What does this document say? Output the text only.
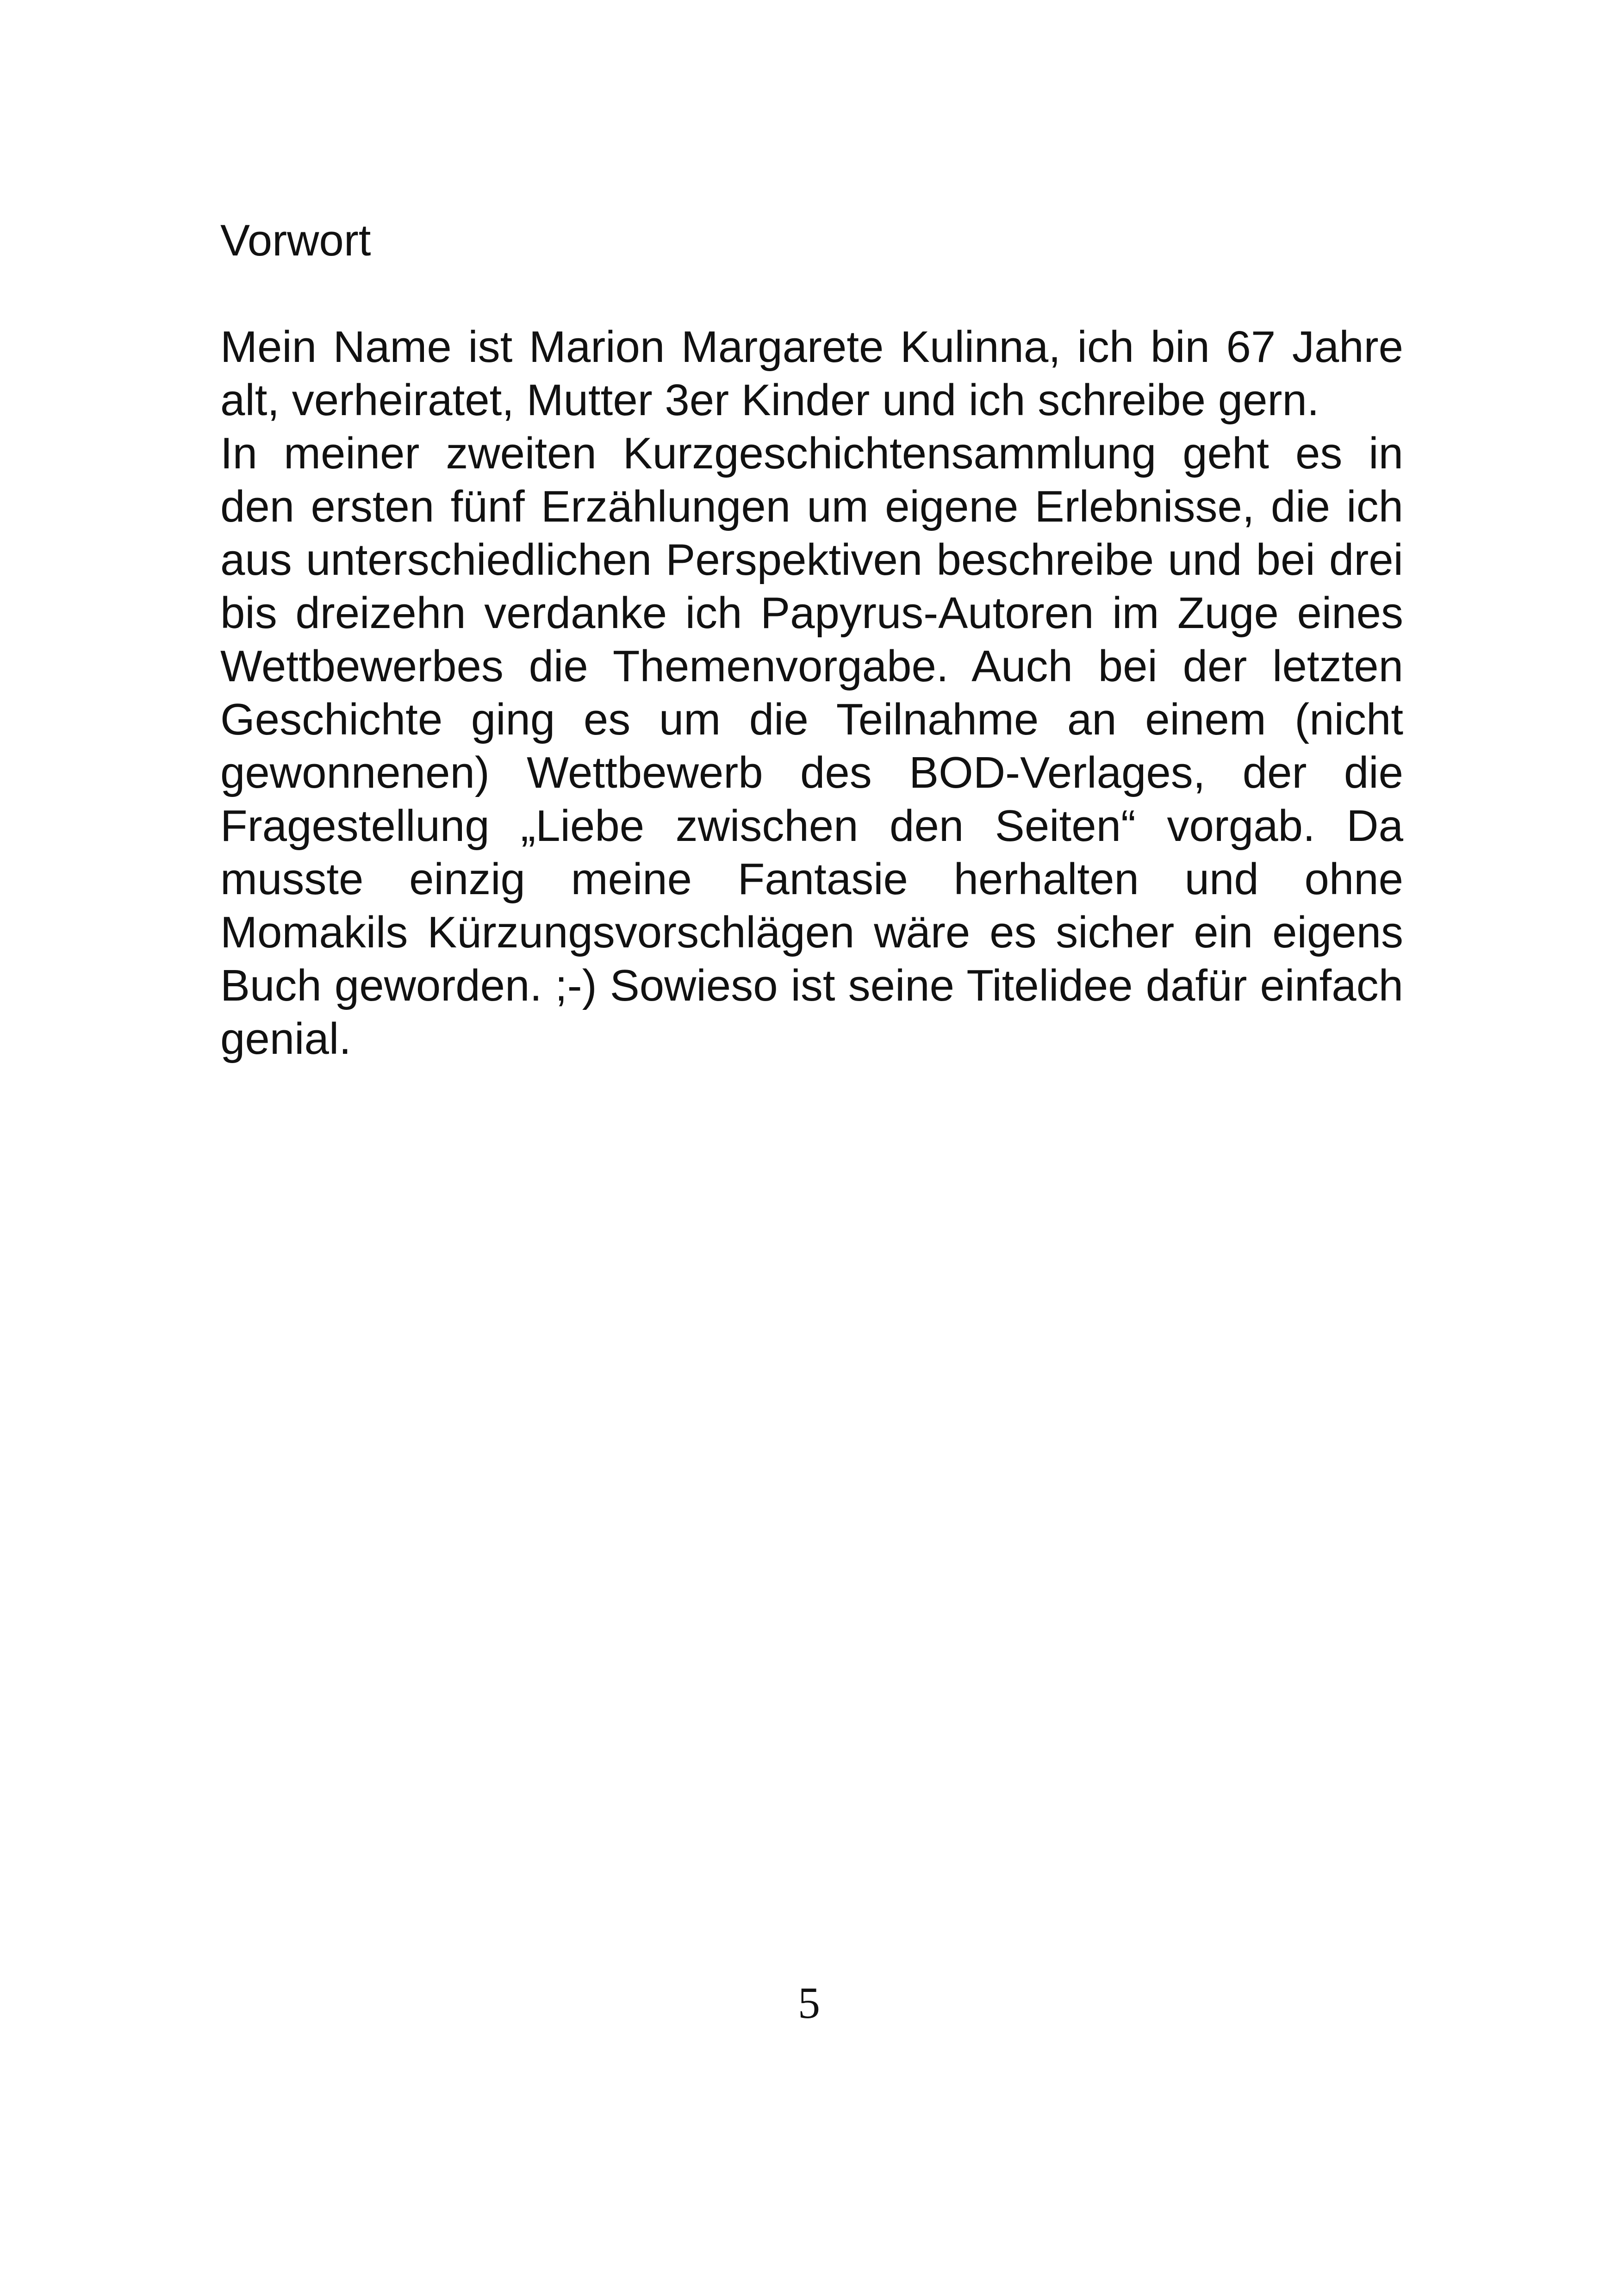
Vorwort

Mein Name ist Marion Margarete Kulinna, ich bin 67 Jahre alt, verheiratet, Mutter 3er Kinder und ich schreibe gern.

In meiner zweiten Kurzgeschichtensammlung geht es in den ersten fünf Erzählungen um eigene Erlebnisse, die ich aus unterschiedlichen Perspektiven beschreibe und bei drei bis dreizehn verdanke ich Papyrus-Autoren im Zuge eines Wettbewerbes die Themenvorgabe. Auch bei der letzten Geschichte ging es um die Teilnahme an einem (nicht gewonnenen) Wettbewerb des BOD-Verlages, der die Fragestellung „Liebe zwischen den Seiten“ vorgab. Da musste einzig meine Fantasie herhalten und ohne Momakils Kürzungsvorschlägen wäre es sicher ein eigens Buch geworden. ;-) Sowieso ist seine Titelidee dafür einfach genial.

5
